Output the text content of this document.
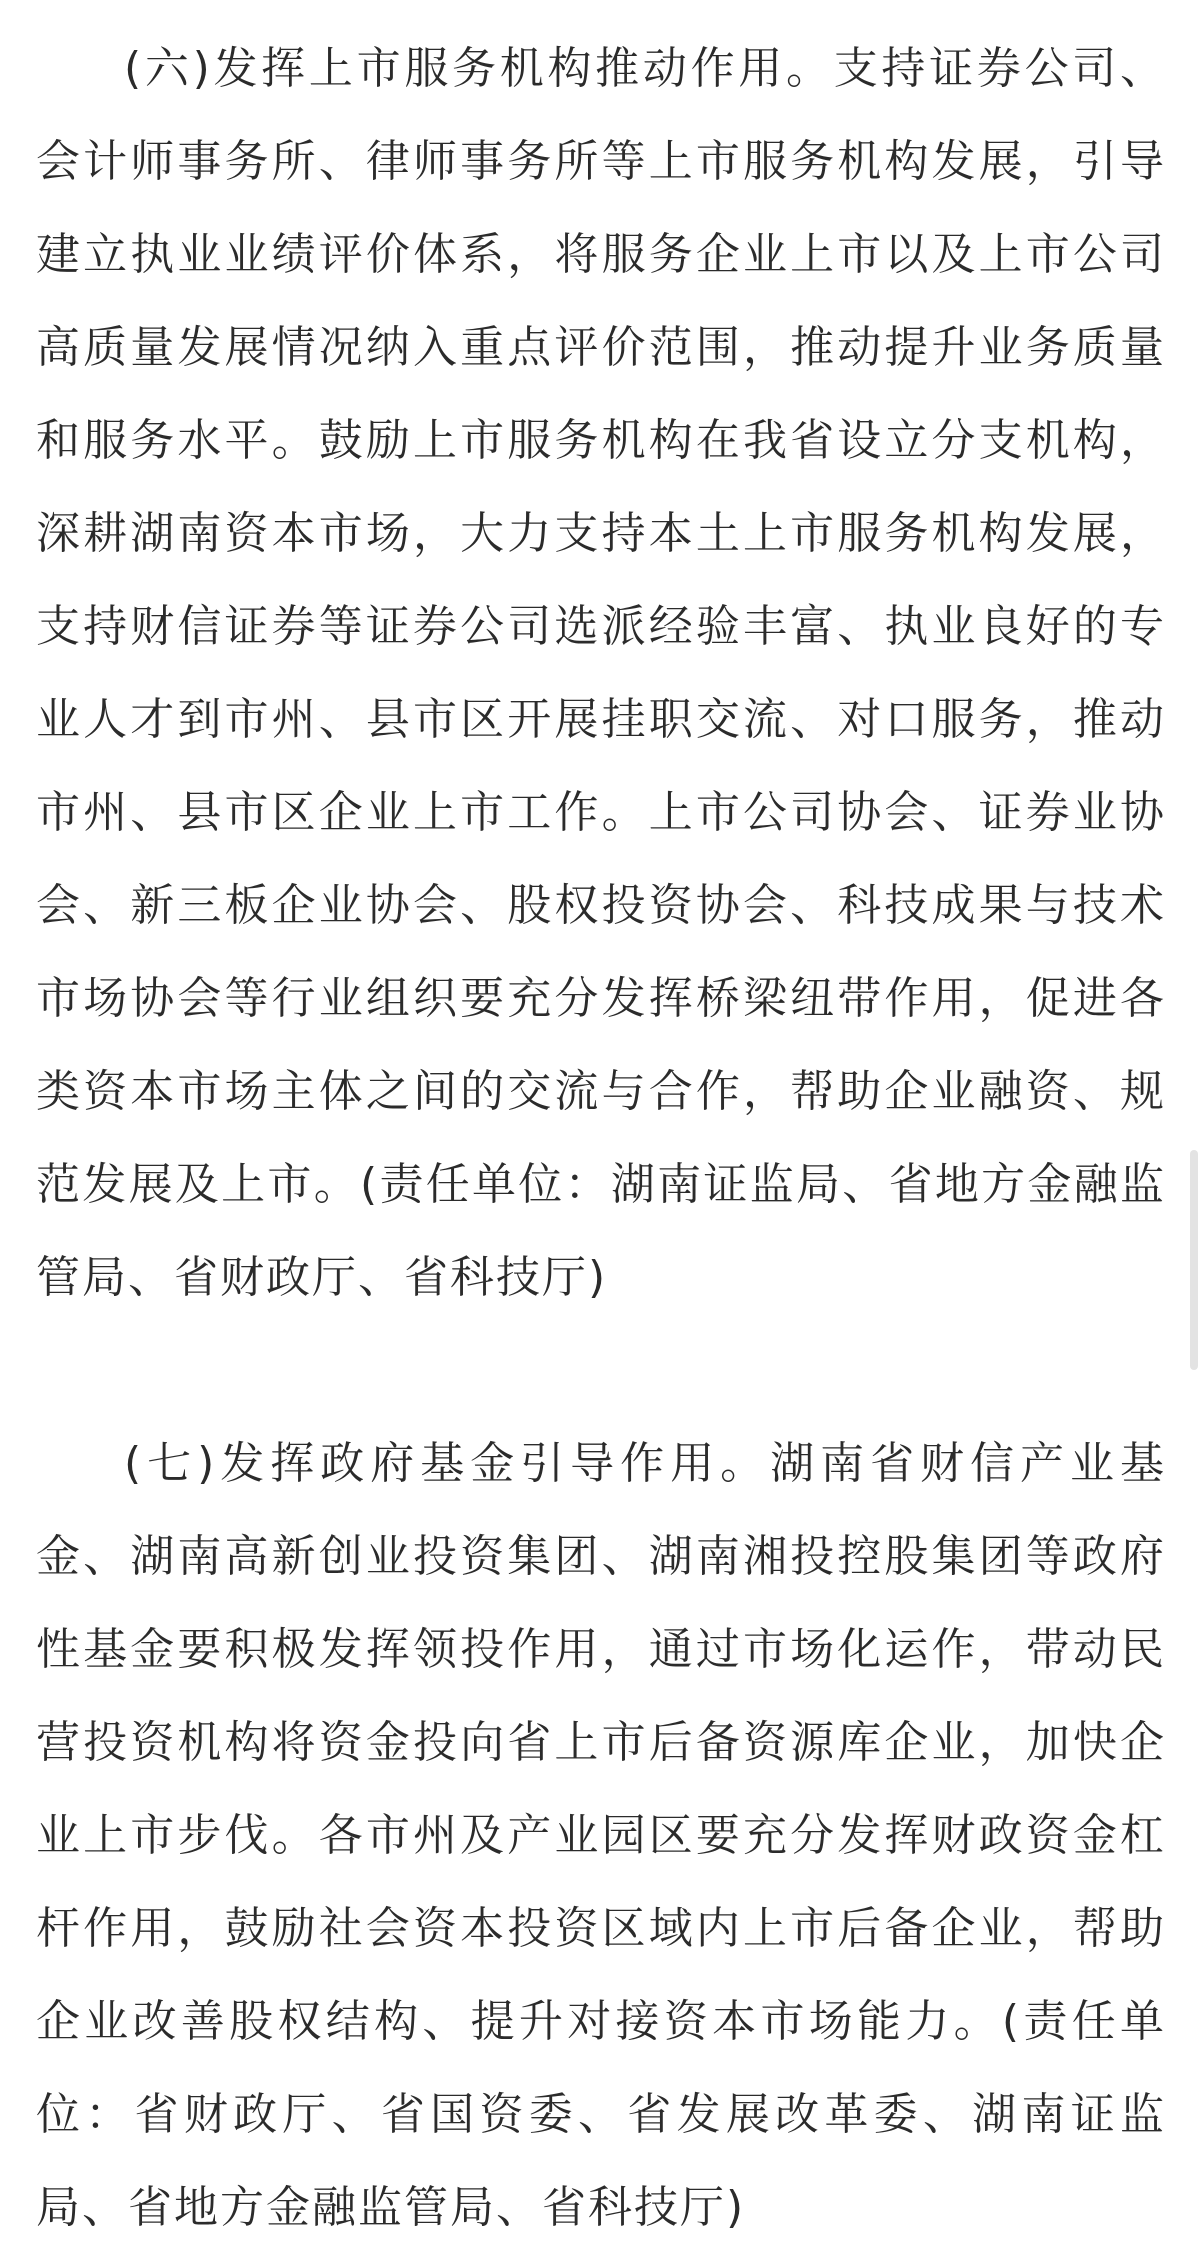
(六)发挥上市服务机构推动作用。支持证券公司、会计师事务所、律师事务所等上市服务机构发展，引导建立执业业绩评价体系，将服务企业上市以及上市公司高质量发展情况纳入重点评价范围，推动提升业务质量和服务水平。鼓励上市服务机构在我省设立分支机构，深耕湖南资本市场，大力支持本土上市服务机构发展，支持财信证券等证券公司选派经验丰富、执业良好的专业人才到市州、县市区开展挂职交流、对口服务，推动市州、县市区企业上市工作。上市公司协会、证券业协会、新三板企业协会、股权投资协会、科技成果与技术市场协会等行业组织要充分发挥桥梁纽带作用，促进各类资本市场主体之间的交流与合作，帮助企业融资、规范发展及上市。(责任单位：湖南证监局、省地方金融监管局、省财政厅、省科技厅)

(七)发挥政府基金引导作用。湖南省财信产业基金、湖南高新创业投资集团、湖南湘投控股集团等政府性基金要积极发挥领投作用，通过市场化运作，带动民营投资机构将资金投向省上市后备资源库企业，加快企业上市步伐。各市州及产业园区要充分发挥财政资金杠杆作用，鼓励社会资本投资区域内上市后备企业，帮助企业改善股权结构、提升对接资本市场能力。(责任单位：省财政厅、省国资委、省发展改革委、湖南证监局、省地方金融监管局、省科技厅)
